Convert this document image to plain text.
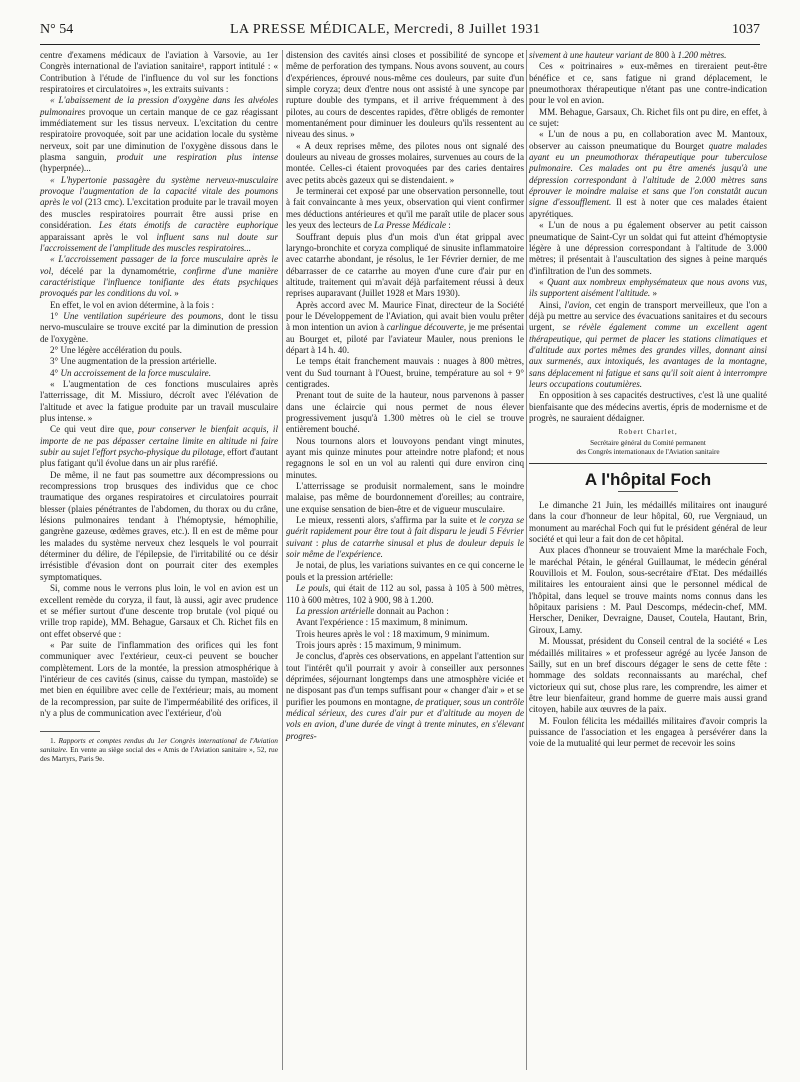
N° 54	LA PRESSE MÉDICALE, Mercredi, 8 Juillet 1931	1037

centre d'examens médicaux de l'aviation à Varsovie, au 1er Congrès international de l'aviation sanitaire¹, rapport intitulé : « Contribution à l'étude de l'influence du vol sur les fonctions respiratoires et circulatoires », les extraits suivants :

« L'abaissement de la pression d'oxygène dans les alvéoles pulmonaires provoque un certain manque de ce gaz réagissant immédiatement sur les tissus nerveux. L'excitation du centre respiratoire provoquée, soit par une acidation locale du système nerveux, soit par une diminution de l'oxygène dissous dans le plasma sanguin, produit une respiration plus intense (hyperpnée)...

« L'hypertonie passagère du système nerveux-musculaire provoque l'augmentation de la capacité vitale des poumons après le vol (213 cmc). L'excitation produite par le travail moyen des muscles respiratoires pourrait être aussi prise en considération. Les états émotifs de caractère euphorique apparaissant après le vol influent sans nul doute sur l'accroissement de l'amplitude des muscles respiratoires...

« L'accroissement passager de la force musculaire après le vol, décelé par la dynamométrie, confirme d'une manière caractéristique l'influence tonifiante des états psychiques provoqués par les conditions du vol. »

En effet, le vol en avion détermine, à la fois :

1° Une ventilation supérieure des poumons, dont le tissu nervo-musculaire se trouve excité par la diminution de pression de l'oxygène.

2° Une légère accélération du pouls.

3° Une augmentation de la pression artérielle.

4° Un accroissement de la force musculaire.

« L'augmentation de ces fonctions musculaires après l'atterrissage, dit M. Missiuro, décroît avec l'élévation de l'altitude et avec la fatigue produite par un travail musculaire plus intense. »

Ce qui veut dire que, pour conserver le bienfait acquis, il importe de ne pas dépasser certaine limite en altitude ni faire subir au sujet l'effort psycho-physique du pilotage, effort d'autant plus fatigant qu'il évolue dans un air plus raréfié.

De même, il ne faut pas soumettre aux décompressions ou recompressions trop brusques des individus que ce choc traumatique des organes respiratoires et circulatoires pourrait blesser (plaies pénétrantes de l'abdomen, du thorax ou du crâne, lésions pulmonaires tendant à l'hémoptysie, hémophilie, gangrène gazeuse, œdèmes graves, etc.). Il en est de même pour les malades du système nerveux chez lesquels le vol pourrait déterminer du délire, de l'épilepsie, de l'irritabilité ou ce désir irrésistible d'évasion dont on pourrait citer des exemples symptomatiques.

Si, comme nous le verrons plus loin, le vol en avion est un excellent remède du coryza, il faut, là aussi, agir avec prudence et se méfier surtout d'une descente trop brutale (vol piqué ou vrille trop rapide), MM. Behague, Garsaux et Ch. Richet fils en ont effet observé que :

« Par suite de l'inflammation des orifices qui les font communiquer avec l'extérieur, ceux-ci peuvent se boucher complètement. Lors de la montée, la pression atmosphérique à l'intérieur de ces cavités (sinus, caisse du tympan, mastoïde) se met bien en équilibre avec celle de l'extérieur; mais, au moment de la recompression, par suite de l'imperméabilité des orifices, il n'y a plus de communication avec l'extérieur, d'où

1. Rapports et comptes rendus du 1er Congrès international de l'Aviation sanitaire. En vente au siège social des « Amis de l'Aviation sanitaire », 52, rue des Martyrs, Paris 9e.

distension des cavités ainsi closes et possibilité de syncope et même de perforation des tympans. Nous avons souvent, au cours d'expériences, éprouvé nous-même ces douleurs, par suite d'un simple coryza; deux d'entre nous ont assisté à une syncope par rupture double des tympans, et il arrive fréquemment à des pilotes, au cours de descentes rapides, d'être obligés de remonter momentanément pour diminuer les douleurs qu'ils ressentent au niveau des sinus. »

« A deux reprises même, des pilotes nous ont signalé des douleurs au niveau de grosses molaires, survenues au cours de la montée. Celles-ci étaient provoquées par des caries dentaires avec petits abcès gazeux qui se distendaient. »

Je terminerai cet exposé par une observation personnelle, tout à fait convaincante à mes yeux, observation qui vient confirmer mes déductions antérieures et qu'il me paraît utile de placer sous les yeux des lecteurs de La Presse Médicale :

Souffrant depuis plus d'un mois d'un état grippal avec laryngo-bronchite et coryza compliqué de sinusite inflammatoire avec catarrhe abondant, je résolus, le 1er Février dernier, de me débarrasser de ce catarrhe au moyen d'une cure d'air pur en altitude, traitement qui m'avait déjà parfaitement réussi à deux reprises auparavant (Juillet 1928 et Mars 1930).

Après accord avec M. Maurice Finat, directeur de la Société pour le Développement de l'Aviation, qui avait bien voulu prêter à mon intention un avion à carlingue découverte, je me présentai au Bourget et, piloté par l'aviateur Mauler, nous prenions le départ à 14 h. 40.

Le temps était franchement mauvais : nuages à 800 mètres, vent du Sud tournant à l'Ouest, bruine, température au sol + 9° centigrades.

Prenant tout de suite de la hauteur, nous parvenons à passer dans une éclaircie qui nous permet de nous élever progressivement jusqu'à 1.300 mètres où le ciel se trouve entièrement bouché.

Nous tournons alors et louvoyons pendant vingt minutes, ayant mis quinze minutes pour atteindre notre plafond; et nous regagnons le sol en un vol au ralenti qui dure environ cinq minutes.

L'atterrissage se produisit normalement, sans le moindre malaise, pas même de bourdonnement d'oreilles; au contraire, une exquise sensation de bien-être et de vigueur musculaire.

Le mieux, ressenti alors, s'affirma par la suite et le coryza se guérit rapidement pour être tout à fait disparu le jeudi 5 Février suivant : plus de catarrhe sinusal et plus de douleur depuis le soir même de l'expérience.

Je notai, de plus, les variations suivantes en ce qui concerne le pouls et la pression artérielle:

Le pouls, qui était de 112 au sol, passa à 105 à 500 mètres, 110 à 600 mètres, 102 à 900, 98 à 1.200.

La pression artérielle donnait au Pachon :

Avant l'expérience : 15 maximum, 8 minimum.

Trois heures après le vol : 18 maximum, 9 minimum.

Trois jours après : 15 maximum, 9 minimum.

Je conclus, d'après ces observations, en appelant l'attention sur tout l'intérêt qu'il pourrait y avoir à conseiller aux personnes déprimées, séjournant longtemps dans une atmosphère viciée et ne disposant pas d'un temps suffisant pour « changer d'air » et se purifier les poumons en montagne, de pratiquer, sous un contrôle médical sérieux, des cures d'air pur et d'altitude au moyen de vols en avion, d'une durée de vingt à trente minutes, en s'élevant progres-

sivement à une hauteur variant de 800 à 1.200 mètres.

Ces « poitrinaires » eux-mêmes en tireraient peut-être bénéfice et ce, sans fatigue ni grand déplacement, le pneumothorax thérapeutique n'étant pas une contre-indication pour le vol en avion.

MM. Behague, Garsaux, Ch. Richet fils ont pu dire, en effet, à ce sujet:

« L'un de nous a pu, en collaboration avec M. Mantoux, observer au caisson pneumatique du Bourget quatre malades ayant eu un pneumothorax thérapeutique pour tuberculose pulmonaire. Ces malades ont pu être amenés jusqu'à une dépression correspondant à l'altitude de 2.000 mètres sans éprouver le moindre malaise et sans que l'on constatât aucun signe d'essoufflement. Il est à noter que ces malades étaient apyrétiques.

« L'un de nous a pu également observer au petit caisson pneumatique de Saint-Cyr un soldat qui fut atteint d'hémoptysie légère à une dépression correspondant à l'altitude de 3.000 mètres; il présentait à l'auscultation des signes à peine marqués d'infiltration de l'un des sommets.

« Quant aux nombreux emphysémateux que nous avons vus, ils supportent aisément l'altitude. »

Ainsi, l'avion, cet engin de transport merveilleux, que l'on a déjà pu mettre au service des évacuations sanitaires et du secours urgent, se révèle également comme un excellent agent thérapeutique, qui permet de placer les stations climatiques et d'altitude aux portes mêmes des grandes villes, donnant ainsi aux surmenés, aux intoxiqués, les avantages de la montagne, sans déplacement ni fatigue et sans qu'il soit aient à interrompre leurs occupations coutumières.

En opposition à ses capacités destructives, c'est là une qualité bienfaisante que des médecins avertis, épris de modernisme et de progrès, ne sauraient dédaigner.

Robert Charlet,
Secrétaire général du Comité permanent
des Congrès internationaux de l'Aviation sanitaire
A l'hôpital Foch

Le dimanche 21 Juin, les médaillés militaires ont inauguré dans la cour d'honneur de leur hôpital, 60, rue Vergniaud, un monument au maréchal Foch qui fut le président général de leur société et qui leur a fait don de cet hôpital.

Aux places d'honneur se trouvaient Mme la maréchale Foch, le maréchal Pétain, le général Guillaumat, le médecin général Rouvillois et M. Foulon, sous-secrétaire d'Etat. Des médaillés militaires les entouraient ainsi que le personnel médical de l'hôpital, dans lequel se trouve maints noms connus dans les hôpitaux parisiens : M. Paul Descomps, médecin-chef, MM. Herscher, Deniker, Devraigne, Dauset, Coutela, Hautant, Brin, Giroux, Lamy.

M. Moussat, président du Conseil central de la société « Les médaillés militaires » et professeur agrégé au lycée Janson de Sailly, sut en un bref discours dégager le sens de cette fête : hommage des soldats reconnaissants au maréchal, chef victorieux qui sut, chose plus rare, les comprendre, les aimer et être leur bienfaiteur, grand homme de guerre mais aussi grand citoyen, habile aux œuvres de la paix.

M. Foulon félicita les médaillés militaires d'avoir compris la puissance de l'association et les engagea à persévérer dans la voie de la mutualité qui leur permet de recevoir les soins
